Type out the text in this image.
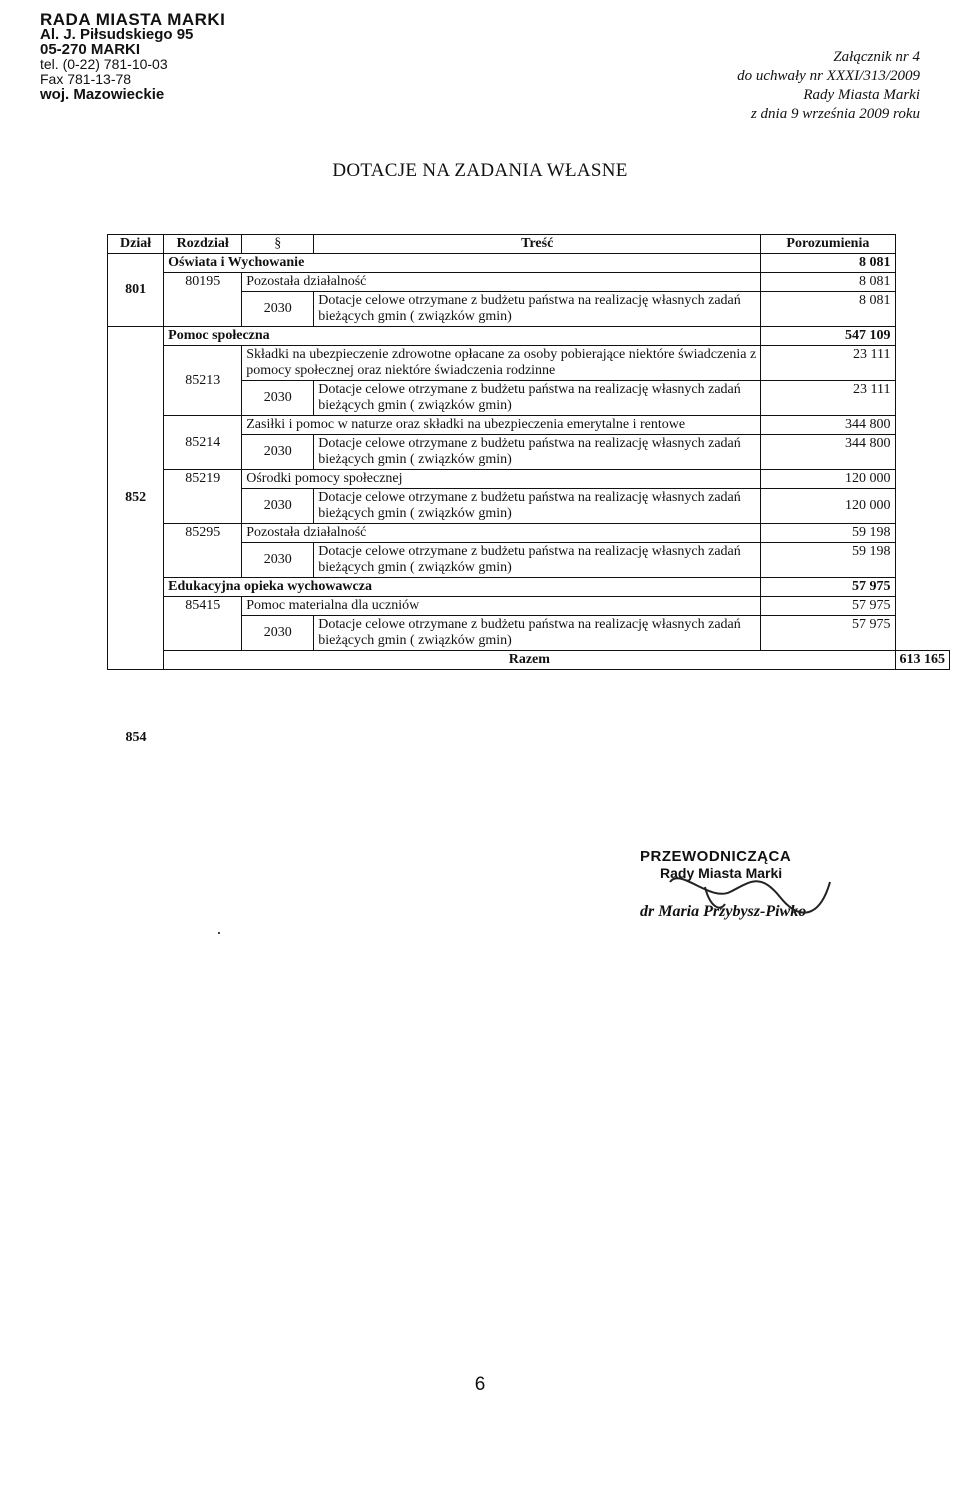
RADA MIASTA MARKI
Al. J. Piłsudskiego 95
05-270 MARKI
tel. (0-22) 781-10-03
Fax 781-13-78
woj. Mazowieckie
Załącznik nr 4
do uchwały nr XXXI/313/2009
Rady Miasta Marki
z dnia 9 września 2009 roku
DOTACJE NA ZADANIA WŁASNE
Dział	Rozdział	§	Treść	Porozumienia	
801	Oświata i Wychowanie			8 081	
	80195	Pozostała działalność		8 081	
		2030	Dotacje celowe otrzymane z budżetu państwa na realizację własnych zadań bieżących gmin ( związków gmin)	8 081	
852	Pomoc społeczna			547 109	
	85213	Składki na ubezpieczenie zdrowotne opłacane za osoby pobierające niektóre świadczenia z pomocy społecznej oraz niektóre świadczenia rodzinne		23 111	
		2030	Dotacje celowe otrzymane z budżetu państwa na realizację własnych zadań bieżących gmin ( związków gmin)	23 111	
	85214	Zasiłki i pomoc w naturze oraz składki na ubezpieczenia emerytalne i rentowe		344 800	
		2030	Dotacje celowe otrzymane z budżetu państwa na realizację własnych zadań bieżących gmin ( związków gmin)	344 800	
	85219	Ośrodki pomocy społecznej		120 000	
		2030	Dotacje celowe otrzymane z budżetu państwa na realizację własnych zadań bieżących gmin ( związków gmin)	120 000	
	85295	Pozostała działalność		59 198	
		2030	Dotacje celowe otrzymane z budżetu państwa na realizację własnych zadań bieżących gmin ( związków gmin)	59 198	
	Edukacyjna opieka wychowawcza			57 975	
	85415	Pomoc materialna dla uczniów		57 975	
		2030	Dotacje celowe otrzymane z budżetu państwa na realizację własnych zadań bieżących gmin ( związków gmin)	57 975	
	Razem				613 165
854
PRZEWODNICZĄCA
Rady Miasta Marki
dr Maria Przybysz-Piwko
6
